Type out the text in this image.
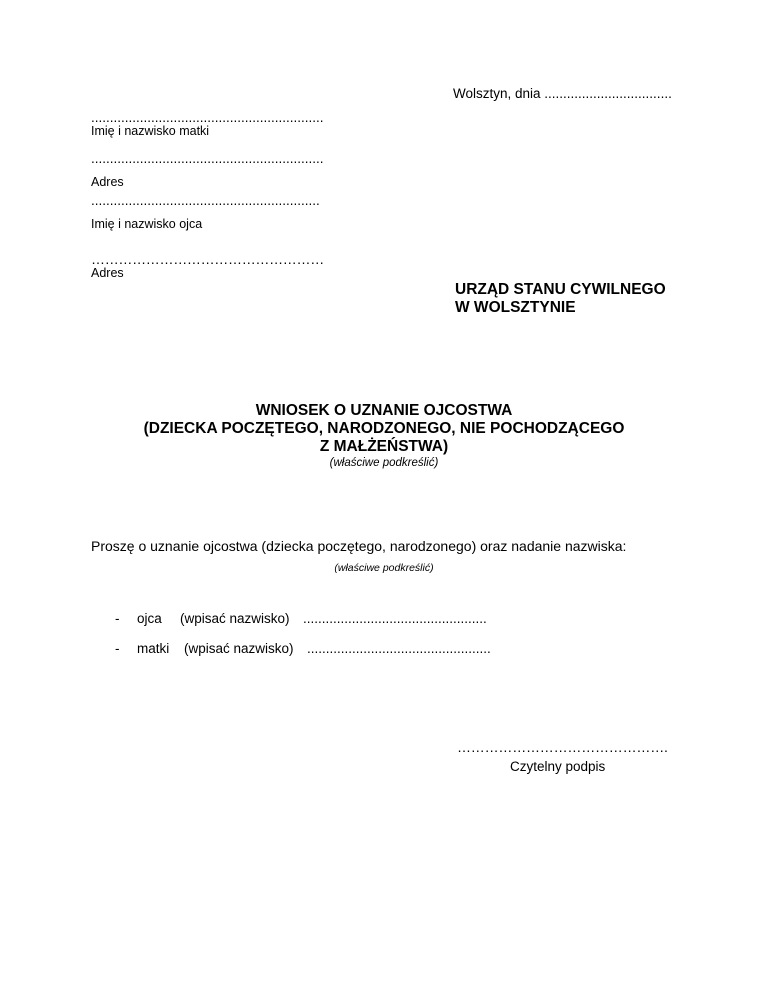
Wolsztyn, dnia ..................................
..............................................................
Imię i nazwisko matki
..............................................................
Adres
.............................................................
Imię i nazwisko ojca
……………………………………………
Adres
URZĄD STANU CYWILNEGO
W WOLSZTYNIE
WNIOSEK O UZNANIE OJCOSTWA
(DZIECKA POCZĘTEGO, NARODZONEGO, NIE POCHODZĄCEGO
Z MAŁŻEŃSTWA)
(właściwe podkreślić)
Proszę o uznanie ojcostwa (dziecka poczętego, narodzonego) oraz nadanie nazwiska:
(właściwe podkreślić)
- ojca (wpisać nazwisko) .................................................
- matki (wpisać nazwisko) .................................................
……………………………………….
Czytelny podpis
